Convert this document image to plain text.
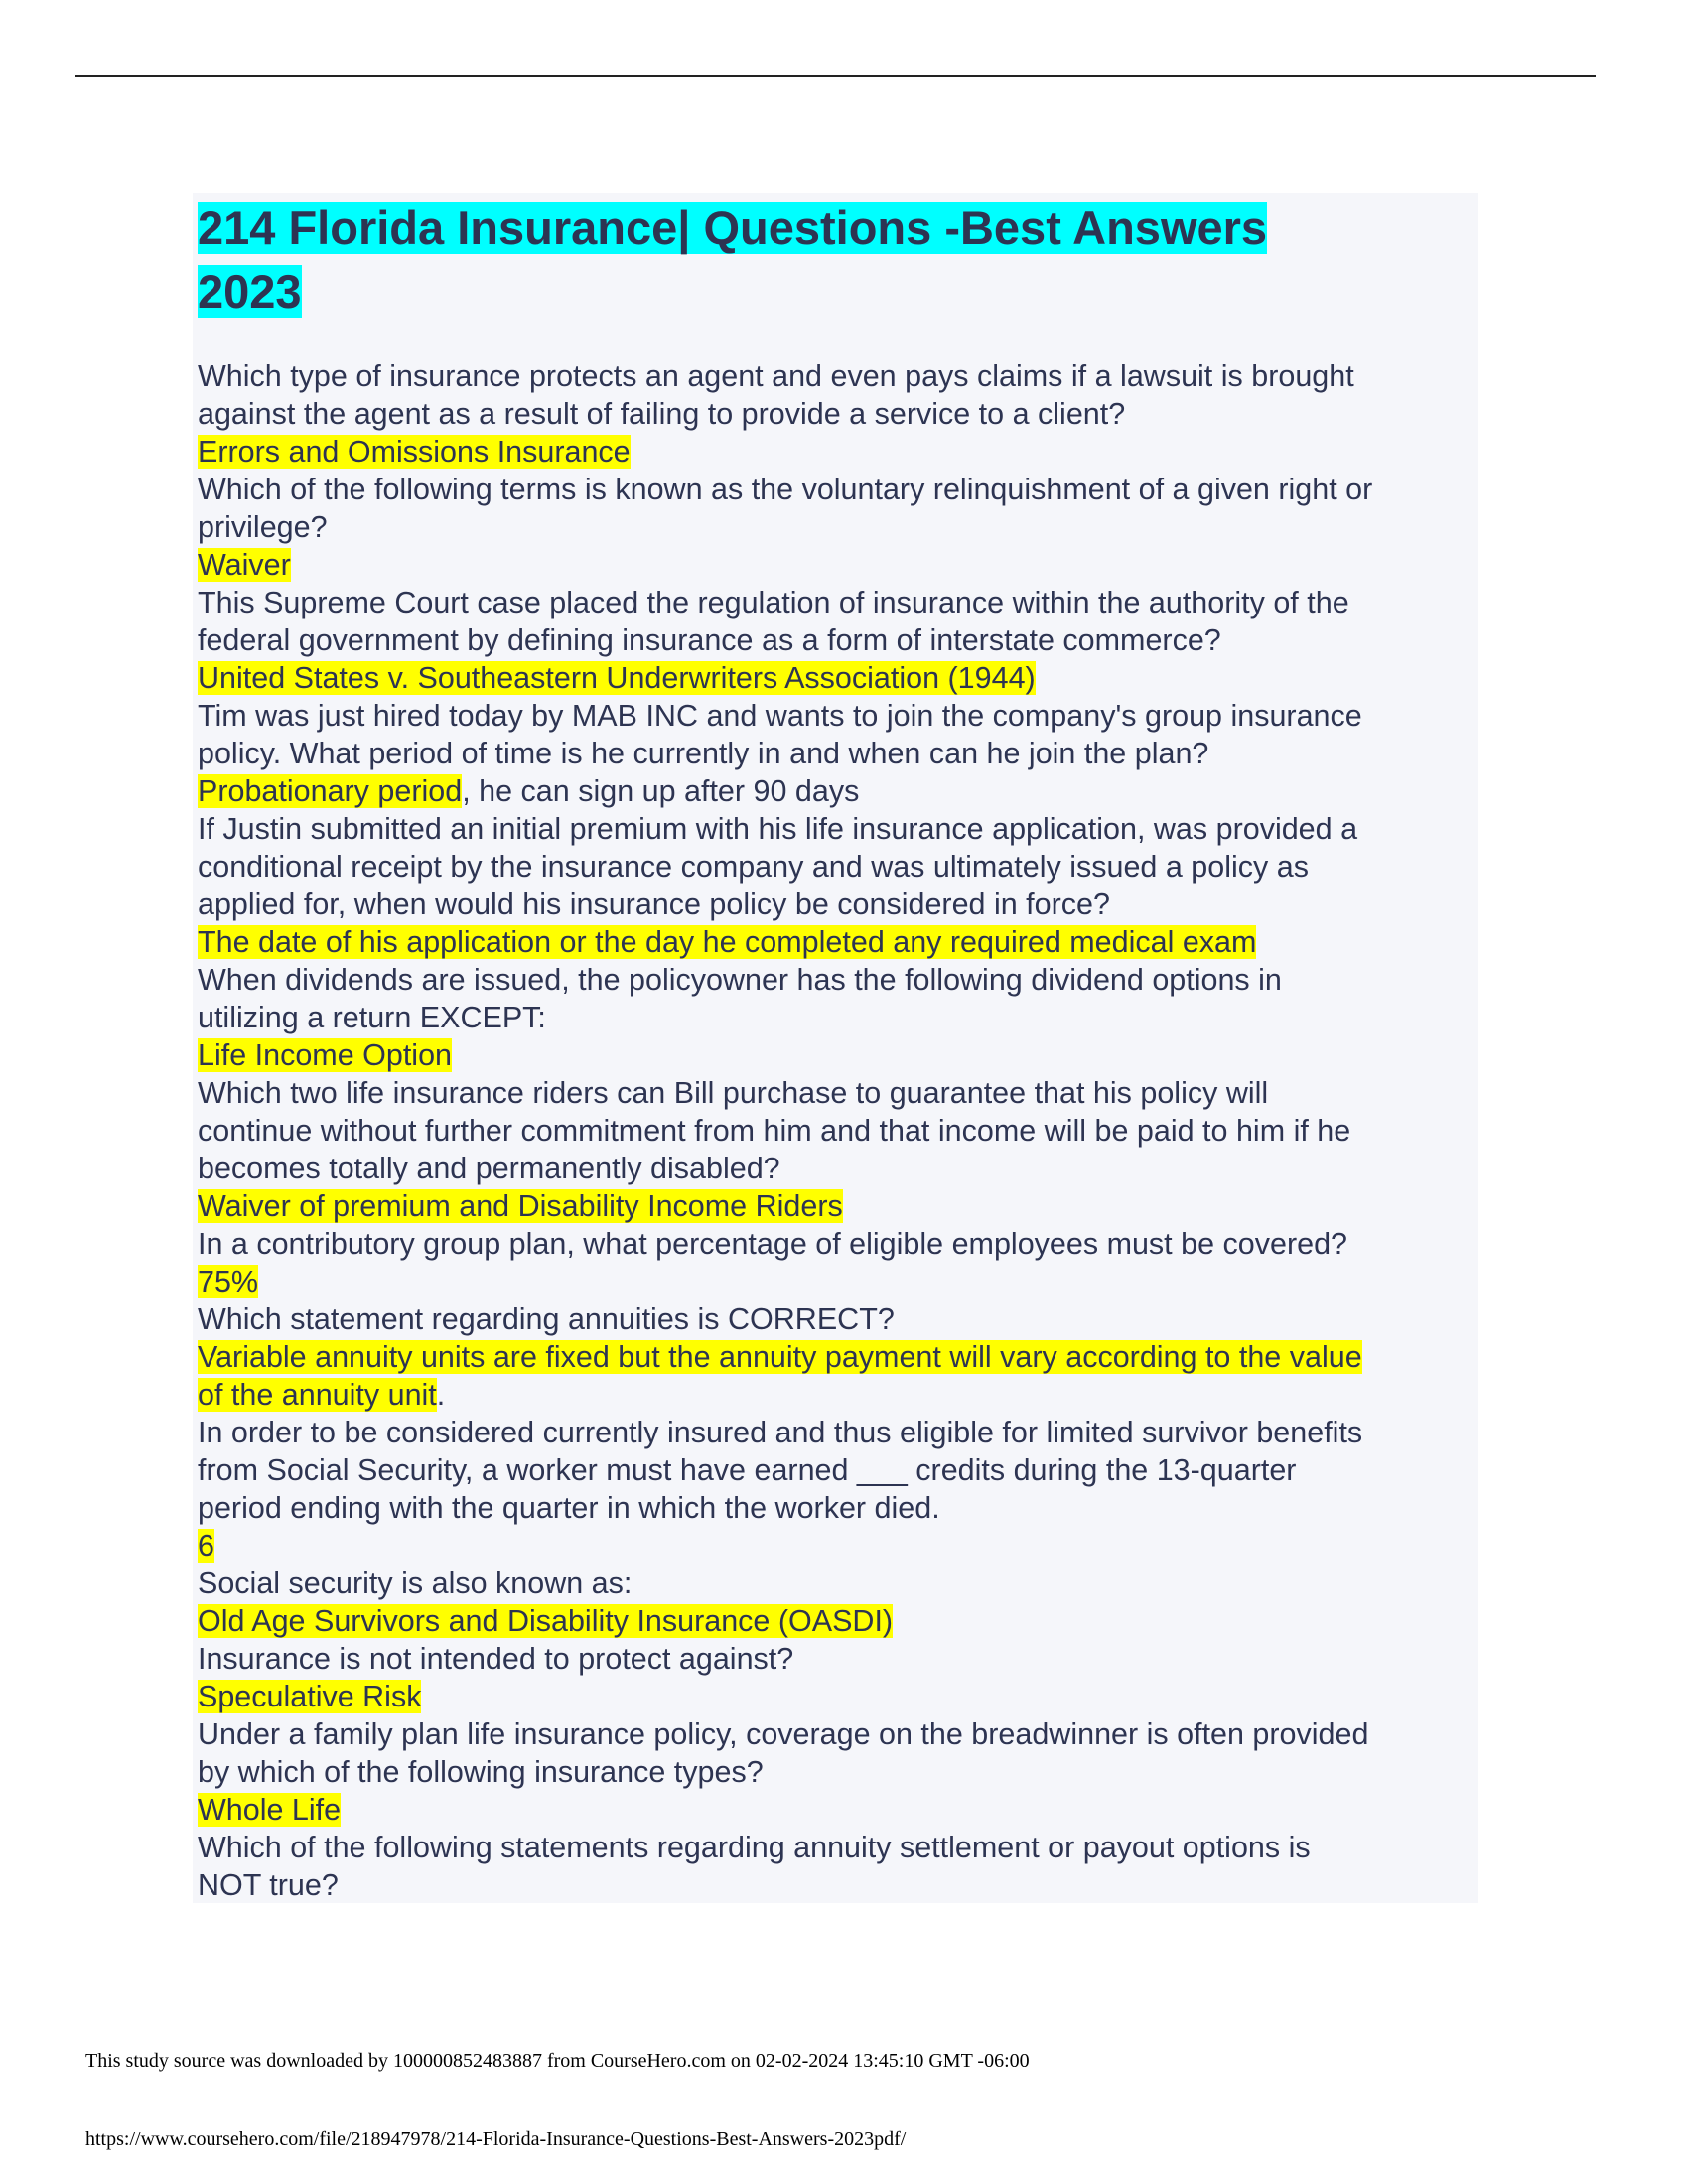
214 Florida Insurance| Questions -Best Answers
2023
Which type of insurance protects an agent and even pays claims if a lawsuit is brought
against the agent as a result of failing to provide a service to a client?
Errors and Omissions Insurance
Which of the following terms is known as the voluntary relinquishment of a given right or
privilege?
Waiver
This Supreme Court case placed the regulation of insurance within the authority of the
federal government by defining insurance as a form of interstate commerce?
United States v. Southeastern Underwriters Association (1944)
Tim was just hired today by MAB INC and wants to join the company's group insurance
policy. What period of time is he currently in and when can he join the plan?
Probationary period, he can sign up after 90 days
If Justin submitted an initial premium with his life insurance application, was provided a
conditional receipt by the insurance company and was ultimately issued a policy as
applied for, when would his insurance policy be considered in force?
The date of his application or the day he completed any required medical exam
When dividends are issued, the policyowner has the following dividend options in
utilizing a return EXCEPT:
Life Income Option
Which two life insurance riders can Bill purchase to guarantee that his policy will
continue without further commitment from him and that income will be paid to him if he
becomes totally and permanently disabled?
Waiver of premium and Disability Income Riders
In a contributory group plan, what percentage of eligible employees must be covered?
75%
Which statement regarding annuities is CORRECT?
Variable annuity units are fixed but the annuity payment will vary according to the value
of the annuity unit.
In order to be considered currently insured and thus eligible for limited survivor benefits
from Social Security, a worker must have earned ___ credits during the 13-quarter
period ending with the quarter in which the worker died.
6
Social security is also known as:
Old Age Survivors and Disability Insurance (OASDI)
Insurance is not intended to protect against?
Speculative Risk
Under a family plan life insurance policy, coverage on the breadwinner is often provided
by which of the following insurance types?
Whole Life
Which of the following statements regarding annuity settlement or payout options is
NOT true?
This study source was downloaded by 100000852483887 from CourseHero.com on 02-02-2024 13:45:10 GMT -06:00
https://www.coursehero.com/file/218947978/214-Florida-Insurance-Questions-Best-Answers-2023pdf/
